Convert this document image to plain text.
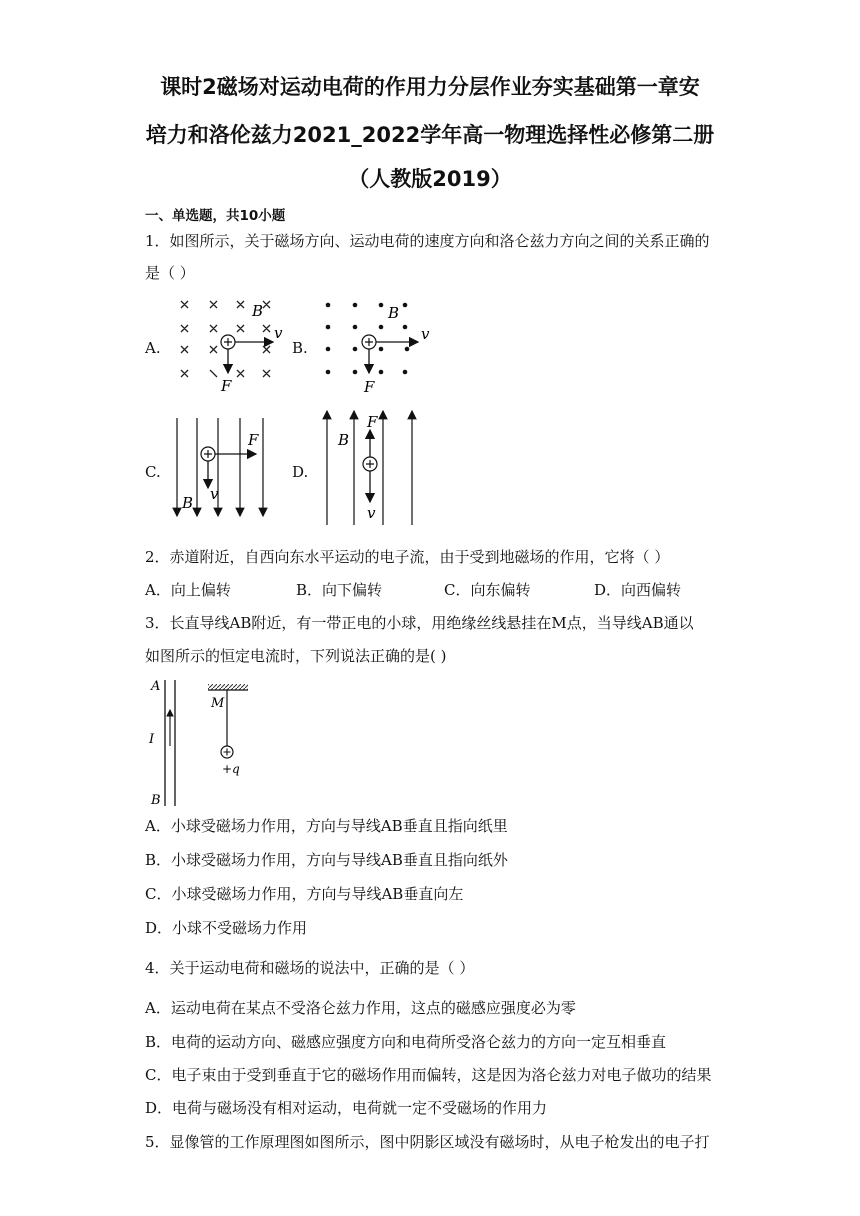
课时2磁场对运动电荷的作用力分层作业夯实基础第一章安
培力和洛伦兹力2021_2022学年高一物理选择性必修第二册
（人教版2019）
一、单选题，共10小题
1．如图所示，关于磁场方向、运动电荷的速度方向和洛仑兹力方向之间的关系正确的
是（ ）
A.	B.
C.	D.
B
v
F
B
v
F
F
v
B
F
B
v
2．赤道附近，自西向东水平运动的电子流，由于受到地磁场的作用，它将（ ）
A．向上偏转	B．向下偏转	C．向东偏转	D．向西偏转
3．长直导线AB附近，有一带正电的小球，用绝缘丝线悬挂在M点，当导线AB通以
如图所示的恒定电流时，下列说法正确的是( )
A
B
I
M
+q
A．小球受磁场力作用，方向与导线AB垂直且指向纸里
B．小球受磁场力作用，方向与导线AB垂直且指向纸外
C．小球受磁场力作用，方向与导线AB垂直向左
D．小球不受磁场力作用
4．关于运动电荷和磁场的说法中，正确的是（ ）
A．运动电荷在某点不受洛仑兹力作用，这点的磁感应强度必为零
B．电荷的运动方向、磁感应强度方向和电荷所受洛仑兹力的方向一定互相垂直
C．电子束由于受到垂直于它的磁场作用而偏转，这是因为洛仑兹力对电子做功的结果
D．电荷与磁场没有相对运动，电荷就一定不受磁场的作用力
5．显像管的工作原理图如图所示，图中阴影区域没有磁场时，从电子枪发出的电子打
